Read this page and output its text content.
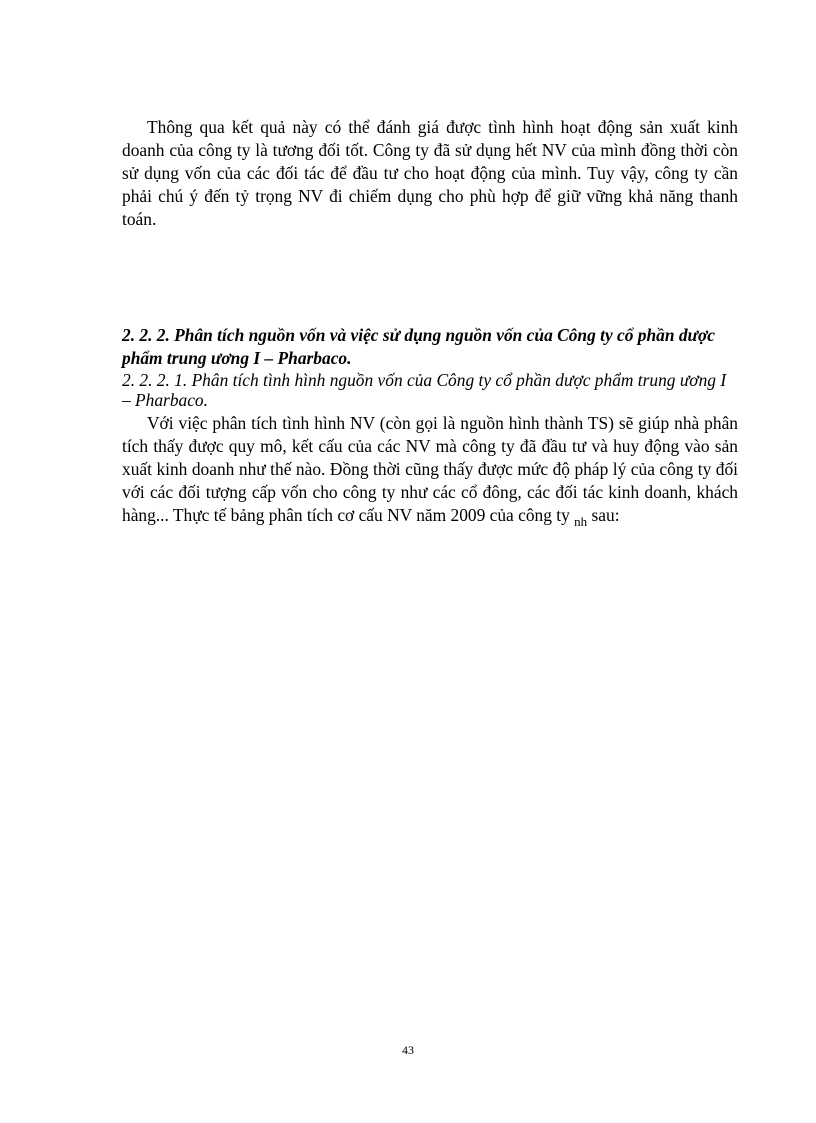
Thông qua kết quả này có thể đánh giá được tình hình hoạt động sản xuất kinh doanh của công ty là tương đối tốt. Công ty đã sử dụng hết NV của mình đồng thời còn sử dụng vốn của các đối tác để đầu tư cho hoạt động của mình. Tuy vậy, công ty cần phải chú ý đến tỷ trọng NV đi chiếm dụng cho phù hợp để giữ vững khả năng thanh toán.

2. 2. 2. Phân tích nguồn vốn và việc sử dụng nguồn vốn của Công ty cổ phần dược phẩm trung ương I – Pharbaco.

2. 2. 2. 1. Phân tích tình hình nguồn vốn của Công ty cổ phần dược phẩm trung ương I – Pharbaco.

Với việc phân tích tình hình NV (còn gọi là nguồn hình thành TS) sẽ giúp nhà phân tích thấy được quy mô, kết cấu của các NV mà công ty đã đầu tư và huy động vào sản xuất kinh doanh như thế nào. Đồng thời cũng thấy được mức độ pháp lý của công ty đối với các đối tượng cấp vốn cho công ty như các cổ đông, các đối tác kinh doanh, khách hàng... Thực tế bảng phân tích cơ cấu NV năm 2009 của công ty $_{nh}$ sau:

43
